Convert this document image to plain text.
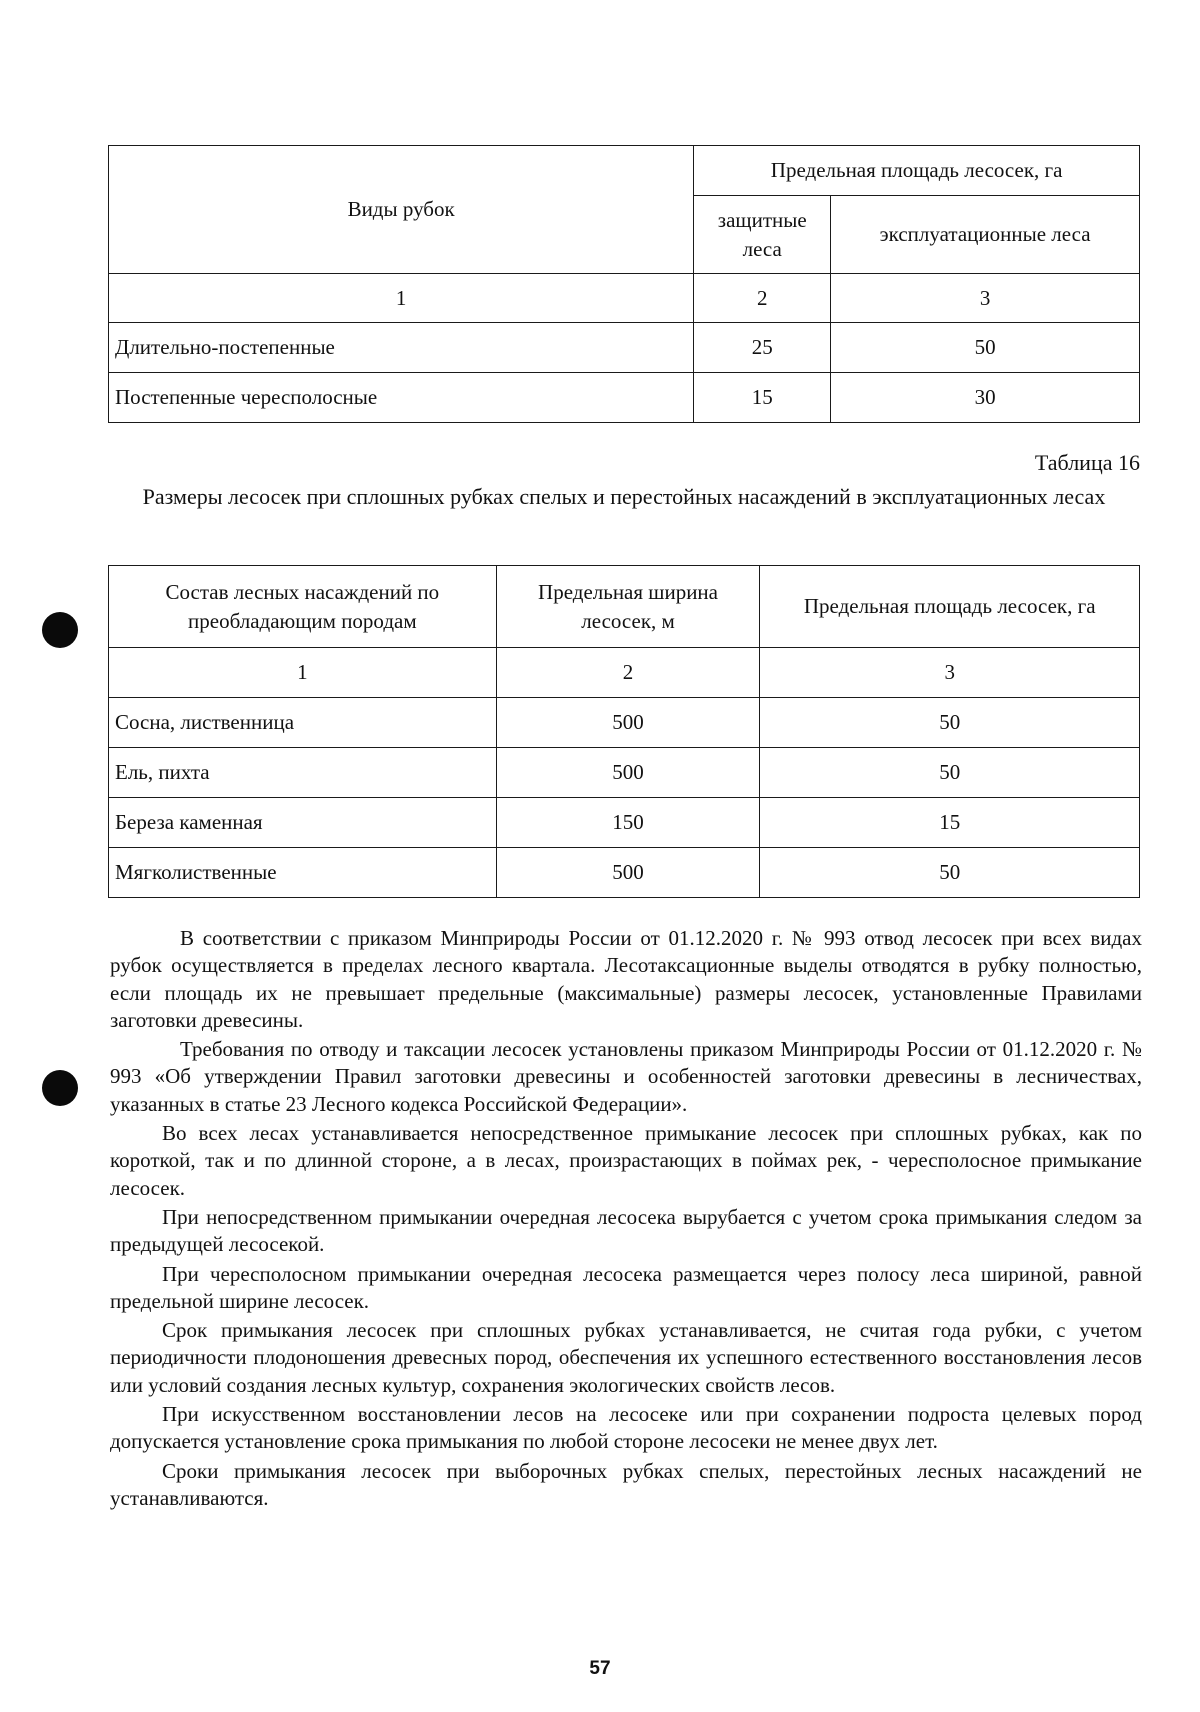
Виды рубок	Предельная площадь лесосек, га	
	защитные леса	эксплуатационные леса
1	2	3
Длительно-постепенные	25	50
Постепенные чересполосные	15	30
Таблица 16
Размеры лесосек при сплошных рубках спелых и перестойных насаждений в эксплуатационных лесах
Состав лесных насаждений по преобладающим породам	Предельная ширина лесосек, м	Предельная площадь лесосек, га
1	2	3
Сосна, лиственница	500	50
Ель, пихта	500	50
Береза каменная	150	15
Мягколиственные	500	50

В соответствии с приказом Минприроды России от 01.12.2020 г. № 993 отвод лесосек при всех видах рубок осуществляется в пределах лесного квартала. Лесотаксационные выделы отводятся в рубку полностью, если площадь их не превышает предельные (максимальные) размеры лесосек, установленные Правилами заготовки древесины.

Требования по отводу и таксации лесосек установлены приказом Минприроды России от 01.12.2020 г. № 993 «Об утверждении Правил заготовки древесины и особенностей заготовки древесины в лесничествах, указанных в статье 23 Лесного кодекса Российской Федерации».

Во всех лесах устанавливается непосредственное примыкание лесосек при сплошных рубках, как по короткой, так и по длинной стороне, а в лесах, произрастающих в поймах рек, - чересполосное примыкание лесосек.

При непосредственном примыкании очередная лесосека вырубается с учетом срока примыкания следом за предыдущей лесосекой.

При чересполосном примыкании очередная лесосека размещается через полосу леса шириной, равной предельной ширине лесосек.

Срок примыкания лесосек при сплошных рубках устанавливается, не считая года рубки, с учетом периодичности плодоношения древесных пород, обеспечения их успешного естественного восстановления лесов или условий создания лесных культур, сохранения экологических свойств лесов.

При искусственном восстановлении лесов на лесосеке или при сохранении подроста целевых пород допускается установление срока примыкания по любой стороне лесосеки не менее двух лет.

Сроки примыкания лесосек при выборочных рубках спелых, перестойных лесных насаждений не устанавливаются.

57
